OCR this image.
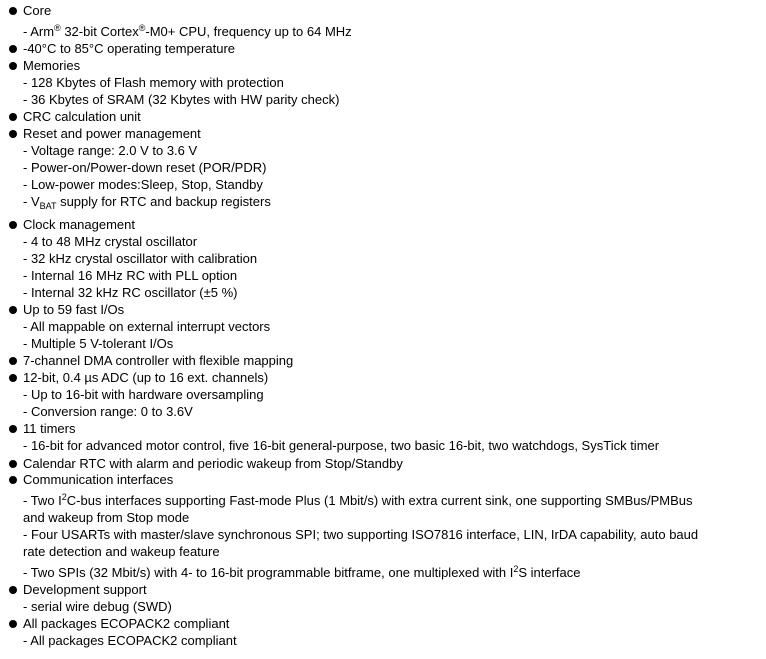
Core
- Arm® 32-bit Cortex®-M0+ CPU, frequency up to 64 MHz
-40°C to 85°C operating temperature
Memories
- 128 Kbytes of Flash memory with protection
- 36 Kbytes of SRAM (32 Kbytes with HW parity check)
CRC calculation unit
Reset and power management
- Voltage range: 2.0 V to 3.6 V
- Power-on/Power-down reset (POR/PDR)
- Low-power modes:Sleep, Stop, Standby
- $V_{BAT}$ supply for RTC and backup registers
Clock management
- 4 to 48 MHz crystal oscillator
- 32 kHz crystal oscillator with calibration
- Internal 16 MHz RC with PLL option
- Internal 32 kHz RC oscillator (±5 %)
Up to 59 fast I/Os
- All mappable on external interrupt vectors
- Multiple 5 V-tolerant I/Os
7-channel DMA controller with flexible mapping
12-bit, 0.4 µs ADC (up to 16 ext. channels)
- Up to 16-bit with hardware oversampling
- Conversion range: 0 to 3.6V
11 timers
- 16-bit for advanced motor control, five 16-bit general-purpose, two basic 16-bit, two watchdogs, SysTick timer
Calendar RTC with alarm and periodic wakeup from Stop/Standby
Communication interfaces
- Two $I^2C$-bus interfaces supporting Fast-mode Plus (1 Mbit/s) with extra current sink, one supporting SMBus/PMBus
and wakeup from Stop mode
- Four USARTs with master/slave synchronous SPI; two supporting ISO7816 interface, LIN, IrDA capability, auto baud
rate detection and wakeup feature
- Two SPIs (32 Mbit/s) with 4- to 16-bit programmable bitframe, one multiplexed with $I^2S$ interface
Development support
- serial wire debug (SWD)
All packages ECOPACK2 compliant
- All packages ECOPACK2 compliant
